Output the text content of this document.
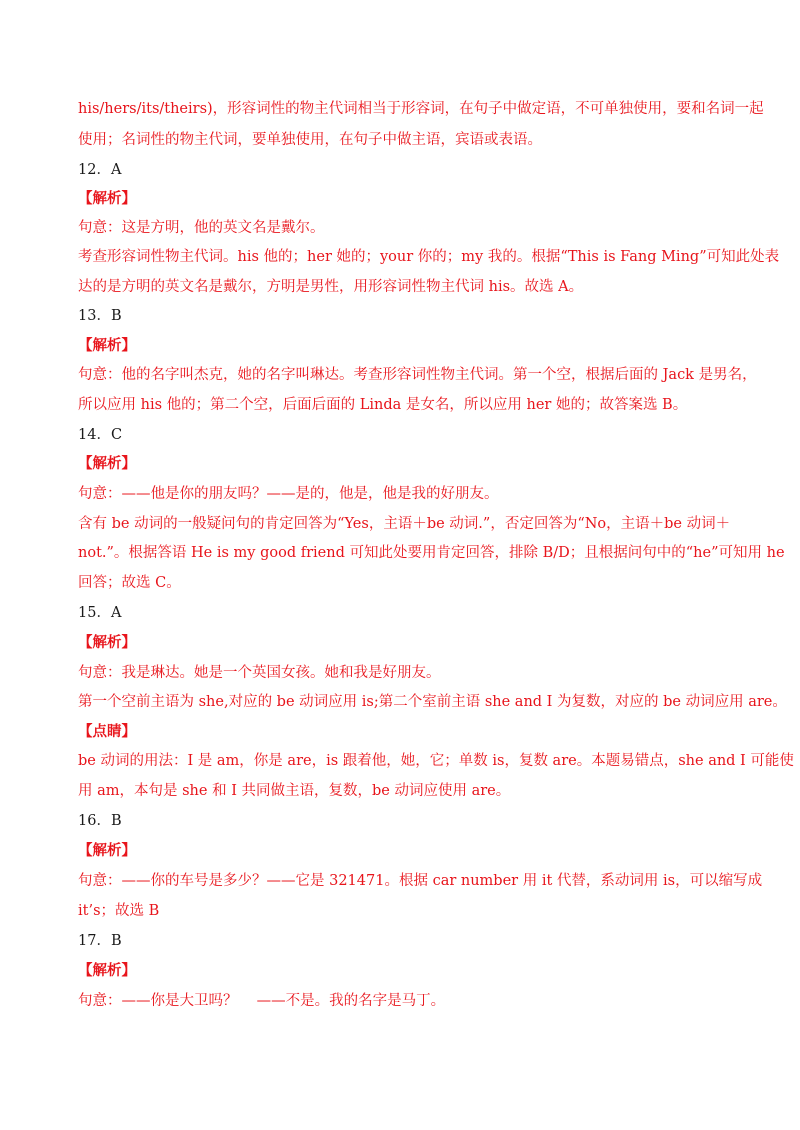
his/hers/its/theirs)，形容词性的物主代词相当于形容词，在句子中做定语，不可单独使用，要和名词一起
使用；名词性的物主代词，要单独使用，在句子中做主语，宾语或表语。
12．A
【解析】
句意：这是方明，他的英文名是戴尔。
考查形容词性物主代词。his 他的；her 她的；your 你的；my 我的。根据“This is Fang Ming”可知此处表
达的是方明的英文名是戴尔，方明是男性，用形容词性物主代词 his。故选 A。
13．B
【解析】
句意：他的名字叫杰克，她的名字叫琳达。考查形容词性物主代词。第一个空，根据后面的 Jack 是男名，
所以应用 his 他的；第二个空，后面后面的 Linda 是女名，所以应用 her 她的；故答案选 B。
14．C
【解析】
句意：——他是你的朋友吗？——是的，他是，他是我的好朋友。
含有 be 动词的一般疑问句的肯定回答为“Yes，主语＋be 动词.”，否定回答为“No，主语＋be 动词＋
not.”。根据答语 He is my good friend 可知此处要用肯定回答，排除 B/D；且根据问句中的“he”可知用 he
回答；故选 C。
15．A
【解析】
句意：我是琳达。她是一个英国女孩。她和我是好朋友。
第一个空前主语为 she,对应的 be 动词应用 is;第二个室前主语 she and I 为复数，对应的 be 动词应用 are。
【点睛】
be 动词的用法：I 是 am，你是 are，is 跟着他，她，它；单数 is，复数 are。本题易错点，she and I 可能使
用 am，本句是 she 和 I 共同做主语，复数，be 动词应使用 are。
16．B
【解析】
句意：——你的车号是多少？——它是 321471。根据 car number 用 it 代替，系动词用 is，可以缩写成
it’s；故选 B
17．B
【解析】
句意：——你是大卫吗？　 ——不是。我的名字是马丁。
